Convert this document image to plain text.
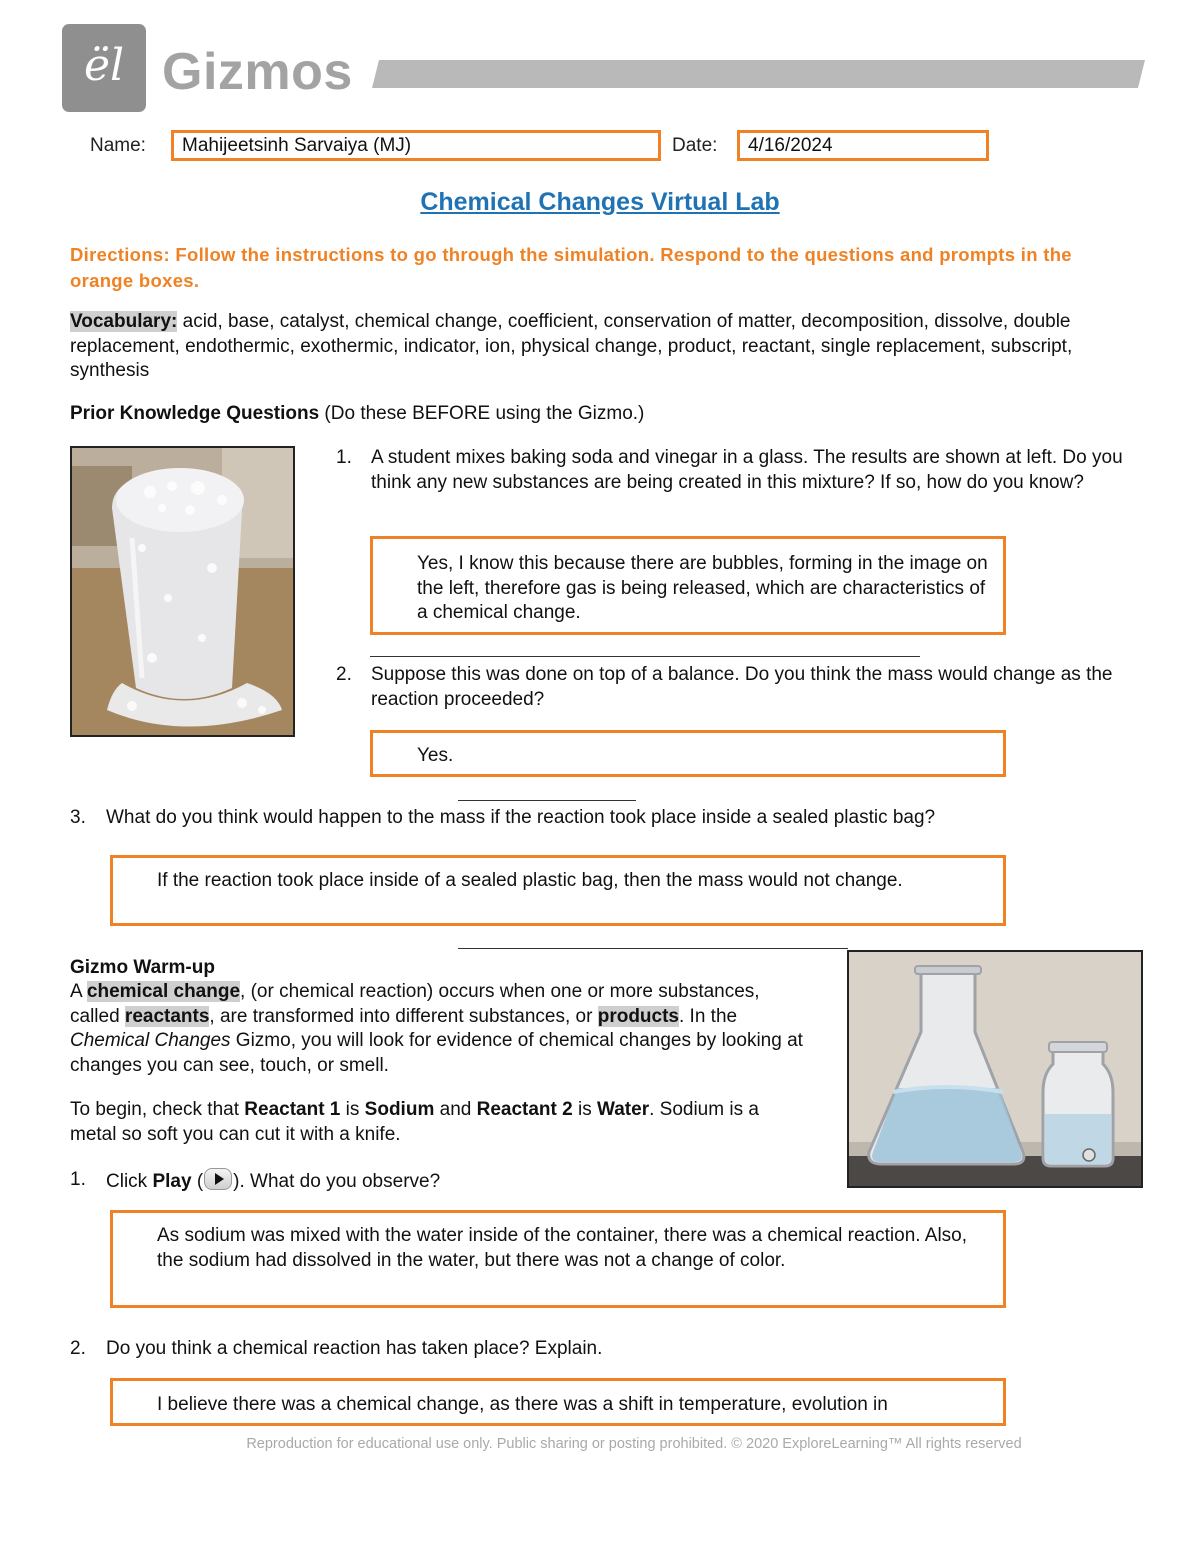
ël Gizmos
Name:	Mahijeetsinh Sarvaiya (MJ)	Date:	4/16/2024
Chemical Changes Virtual Lab
Directions: Follow the instructions to go through the simulation. Respond to the questions and prompts in the orange boxes.
Vocabulary: acid, base, catalyst, chemical change, coefficient, conservation of matter, decomposition, dissolve, double replacement, endothermic, exothermic, indicator, ion, physical change, product, reactant, single replacement, subscript, synthesis
Prior Knowledge Questions (Do these BEFORE using the Gizmo.)
1. A student mixes baking soda and vinegar in a glass. The results are shown at left. Do you think any new substances are being created in this mixture? If so, how do you know?
Yes, I know this because there are bubbles, forming in the image on the left, therefore gas is being released, which are characteristics of a chemical change.
2. Suppose this was done on top of a balance. Do you think the mass would change as the reaction proceeded?
Yes.
3. What do you think would happen to the mass if the reaction took place inside a sealed plastic bag?
If the reaction took place inside of a sealed plastic bag, then the mass would not change.
Gizmo Warm-up
A chemical change, (or chemical reaction) occurs when one or more substances, called reactants, are transformed into different substances, or products. In the Chemical Changes Gizmo, you will look for evidence of chemical changes by looking at changes you can see, touch, or smell.
To begin, check that Reactant 1 is Sodium and Reactant 2 is Water. Sodium is a metal so soft you can cut it with a knife.
1. Click Play ( ). What do you observe?
As sodium was mixed with the water inside of the container, there was a chemical reaction. Also, the sodium had dissolved in the water, but there was not a change of color.
2. Do you think a chemical reaction has taken place? Explain.
I believe there was a chemical change, as there was a shift in temperature, evolution in
Reproduction for educational use only. Public sharing or posting prohibited. © 2020 ExploreLearning™ All rights reserved
